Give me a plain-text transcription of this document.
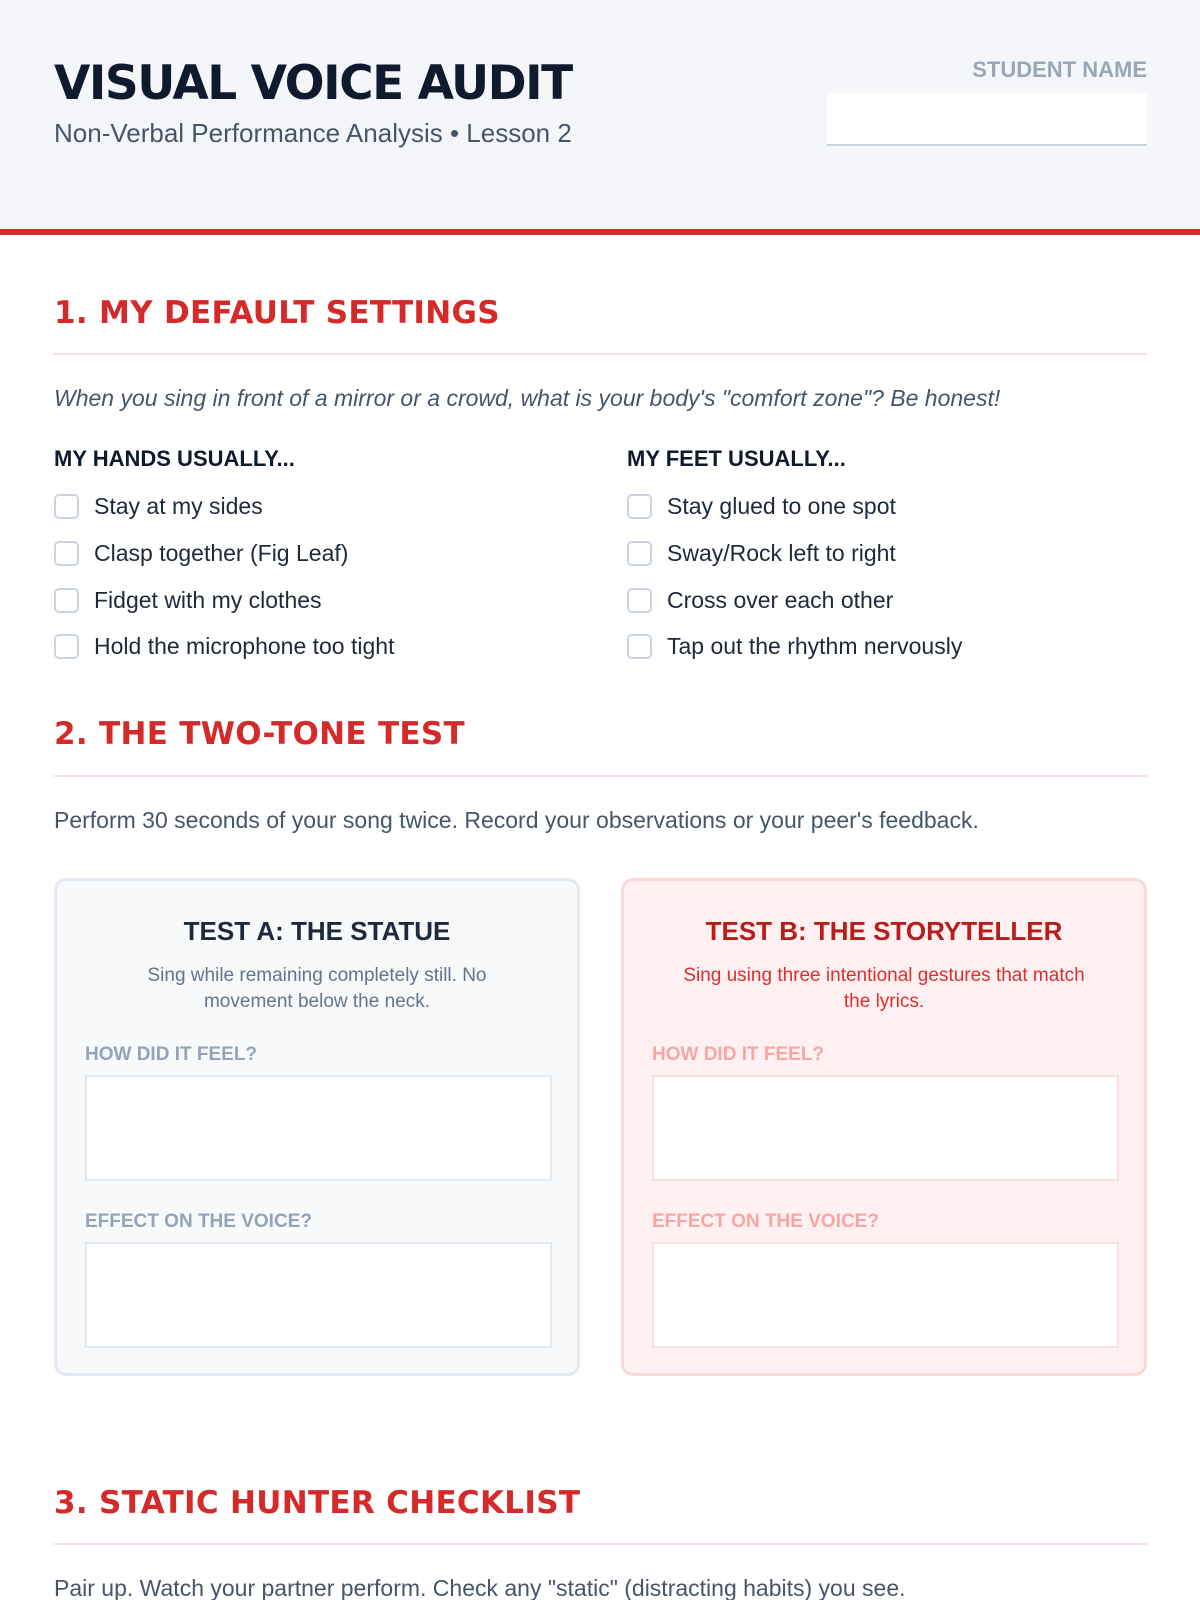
VISUAL VOICE AUDIT
Non-Verbal Performance Analysis • Lesson 2
STUDENT NAME
1. MY DEFAULT SETTINGS

When you sing in front of a mirror or a crowd, what is your body's "comfort zone"? Be honest!

MY HANDS USUALLY...	MY FEET USUALLY...
Stay at my sides
Clasp together (Fig Leaf)
Fidget with my clothes
Hold the microphone too tight
Stay glued to one spot
Sway/Rock left to right
Cross over each other
Tap out the rhythm nervously
2. THE TWO-TONE TEST

Perform 30 seconds of your song twice. Record your observations or your peer's feedback.

TEST A: THE STATUE
Sing while remaining completely still. No movement below the neck.
HOW DID IT FEEL?
EFFECT ON THE VOICE?
TEST B: THE STORYTELLER
Sing using three intentional gestures that match the lyrics.
HOW DID IT FEEL?
EFFECT ON THE VOICE?
3. STATIC HUNTER CHECKLIST

Pair up. Watch your partner perform. Check any "static" (distracting habits) you see.
